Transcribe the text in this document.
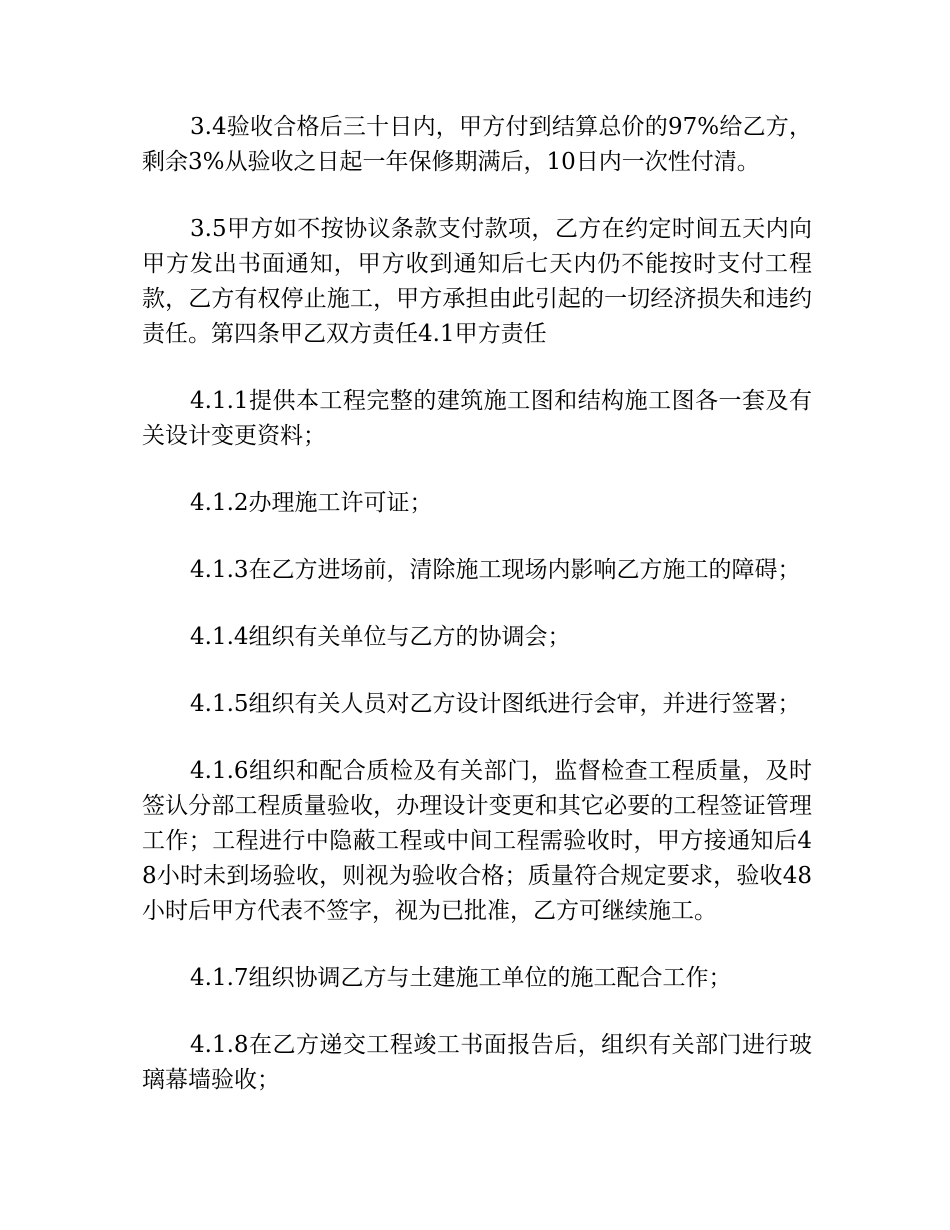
3.4验收合格后三十日内，甲方付到结算总价的97%给乙方，剩余3%从验收之日起一年保修期满后，10日内一次性付清。

3.5甲方如不按协议条款支付款项，乙方在约定时间五天内向甲方发出书面通知，甲方收到通知后七天内仍不能按时支付工程款，乙方有权停止施工，甲方承担由此引起的一切经济损失和违约责任。第四条甲乙双方责任4.1甲方责任

4.1.1提供本工程完整的建筑施工图和结构施工图各一套及有关设计变更资料；

4.1.2办理施工许可证；

4.1.3在乙方进场前，清除施工现场内影响乙方施工的障碍；

4.1.4组织有关单位与乙方的协调会；

4.1.5组织有关人员对乙方设计图纸进行会审，并进行签署；

4.1.6组织和配合质检及有关部门，监督检查工程质量，及时签认分部工程质量验收，办理设计变更和其它必要的工程签证管理工作；工程进行中隐蔽工程或中间工程需验收时，甲方接通知后48小时未到场验收，则视为验收合格；质量符合规定要求，验收48小时后甲方代表不签字，视为已批准，乙方可继续施工。

4.1.7组织协调乙方与土建施工单位的施工配合工作；

4.1.8在乙方递交工程竣工书面报告后，组织有关部门进行玻璃幕墙验收；
